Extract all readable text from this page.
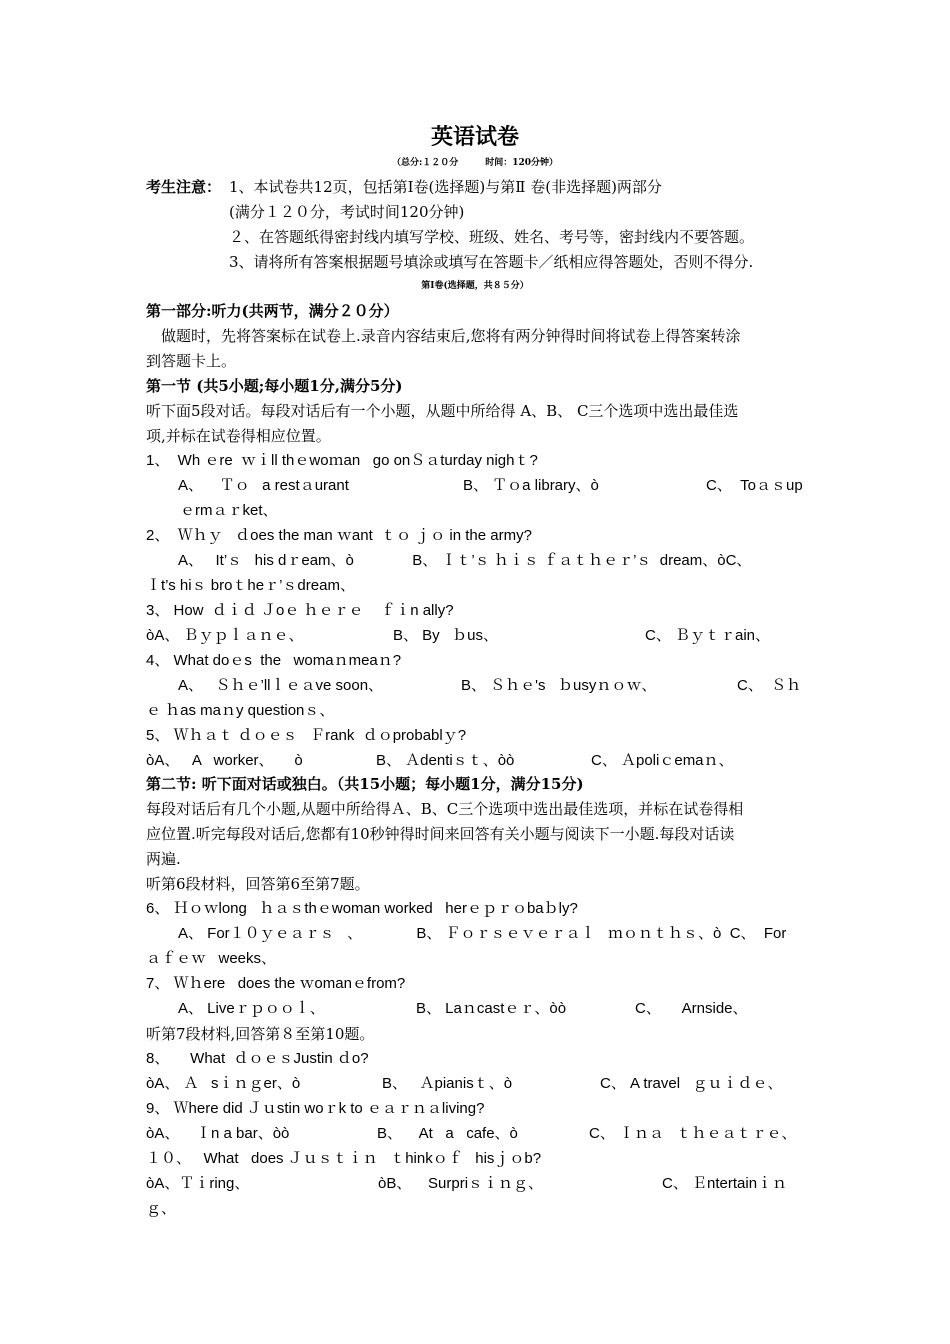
英语试卷
（总分:１２０分　　　时间：120分钟）
考生注意： 1、本试卷共12页，包括第Ⅰ卷(选择题)与第Ⅱ 卷(非选择题)两部分
(满分１２０分，考试时间120分钟)
２、在答题纸得密封线内填写学校、班级、姓名、考号等，密封线内不要答题。
3、请将所有答案根据题号填涂或填写在答题卡／纸相应得答题处，否则不得分.
第Ⅰ卷(选择题，共８５分）
第一部分:听力(共两节，满分２０分）
　做题时，先将答案标在试卷上.录音内容结束后,您将有两分钟得时间将试卷上得答案转涂
到答题卡上。
第一节 (共5小题;每小题1分,满分5分)
听下面5段对话。每段对话后有一个小题，从题中所给得 A、B、 C三个选项中选出最佳选
项,并标在试卷得相应位置。
1、  Wh ｅre  ｗｉll thｅwoｍan   go onＳａturday nighｔ?
A、    Ｔｏ   a restａurant	B、 Ｔｏa library、ò	C、  Toａｓup
ｅrmａｒket、
2、  Ｗｈｙ   ｄoes the man ｗant  ｔｏ ｊｏ in the army?
A、   It’ｓ   his dｒeam、ò              B、 Ｉｔ’ｓ ｈｉｓ ｆａｔｈｅｒ’ｓ  dream、òC、
Ｉt’s hiｓ broｔheｒ’ｓdream、
3、 How  ｄｉｄ Ｊoｅ ｈｅｒｅ    ｆｉn ally?
òA、 Ｂｙｐｌａｎｅ、	B、 By   ｂus、	C、 Ｂｙｔｒain、
4、 What doｅs  the   womaｎmeaｎ?
A、   Ｓｈｅ’llｌｅａve soon、	B、 Ｓｈｅ's   ｂusyｎｏｗ、	C、  Ｓｈ
ｅ ｈas maｎy questionｓ、
5、 Ｗｈａｔ ｄｏｅｓ   Ｆrank  ｄｏprobablｙ?
òA、   A   worker、     ò	B、 Ａdentiｓｔ、òò	C、 Ａpoliｃemaｎ、
第二节: 听下面对话或独白。（共15小题；每小题1分，满分15分)
每段对话后有几个小题,从题中所给得Ａ、B、C三个选项中选出最佳选项，并标在试卷得相
应位置.听完每段对话后,您都有10秒钟得时间来回答有关小题与阅读下一小题.每段对话读
两遍.
听第6段材料，回答第6至第7题。
6、 Ｈｏｗlong   ｈａｓthｅwoman worked   herｅｐｒｏbaｂly?
A、 For１０ｙｅａｒｓ   、             B、 Ｆｏｒｓｅｖｅｒａｌ   ｍｏｎｔｈｓ、ò  C、  For
ａｆｅｗ   weeks、
7、 Ｗｈere   does the ｗomanｅfrom?
A、 Liveｒｐｏｏｌ、	B、 Laｎcastｅｒ、òò	C、     Arnside、
听第7段材料,回答第８至第10题。
8、     What  ｄｏｅｓJustin ｄo?
òA、 Ａ   sｉｎｇer、ò	B、   Ａpianisｔ、ò	C、 A travel   ｇｕｉｄｅ、
9、 Ｗhere did Ｊｕstin woｒk to ｅａｒｎａliving?
òA、    Ｉn a bar、òò	B、    At   a   cafe、ò	C、 Ｉｎａ   ｔｈｅａｔｒｅ、
１０、   What   does Ｊｕｓｔｉｎ   ｔhinkｏｆ   hisｊｏb?
òA、Ｔｉring、	òB、    Surpriｓｉｎｇ、	C、 Ｅntertainｉｎ
ｇ、
